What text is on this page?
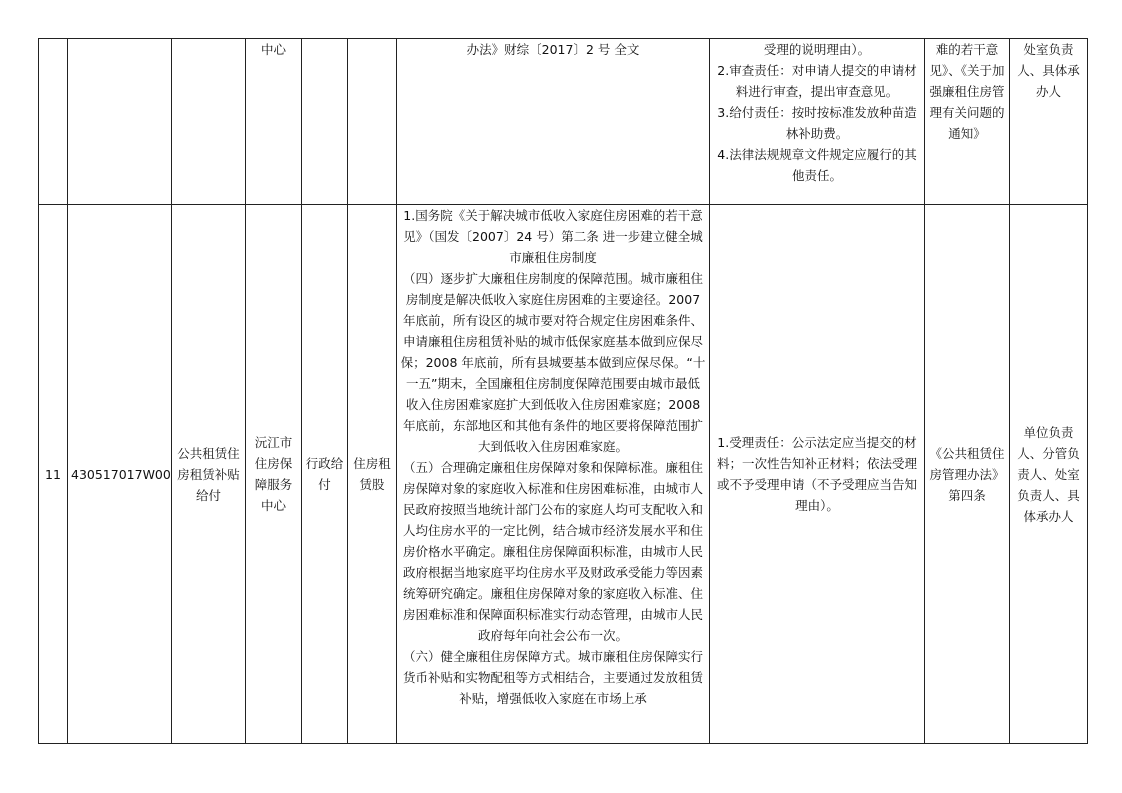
			中心			办法》财综〔2017〕2 号 全文	受理的说明理由）。
2.审查责任：对申请人提交的申请材料进行审查，提出审查意见。
3.给付责任：按时按标准发放种苗造林补助费。
4.法律法规规章文件规定应履行的其他责任。	难的若干意见》、《关于加强廉租住房管理有关问题的通知》	处室负责人、具体承办人
11	430517017W00	公共租赁住房租赁补贴给付	沅江市住房保障服务中心	行政给付	住房租赁股	1.国务院《关于解决城市低收入家庭住房困难的若干意见》（国发〔2007〕24 号）第二条 进一步建立健全城市廉租住房制度
（四）逐步扩大廉租住房制度的保障范围。城市廉租住房制度是解决低收入家庭住房困难的主要途径。2007 年底前，所有设区的城市要对符合规定住房困难条件、申请廉租住房租赁补贴的城市低保家庭基本做到应保尽保；2008 年底前，所有县城要基本做到应保尽保。“十一五”期末，全国廉租住房制度保障范围要由城市最低收入住房困难家庭扩大到低收入住房困难家庭；2008 年底前，东部地区和其他有条件的地区要将保障范围扩大到低收入住房困难家庭。
（五）合理确定廉租住房保障对象和保障标准。廉租住房保障对象的家庭收入标准和住房困难标准，由城市人民政府按照当地统计部门公布的家庭人均可支配收入和人均住房水平的一定比例，结合城市经济发展水平和住房价格水平确定。廉租住房保障面积标准，由城市人民政府根据当地家庭平均住房水平及财政承受能力等因素统筹研究确定。廉租住房保障对象的家庭收入标准、住房困难标准和保障面积标准实行动态管理，由城市人民政府每年向社会公布一次。
（六）健全廉租住房保障方式。城市廉租住房保障实行货币补贴和实物配租等方式相结合，主要通过发放租赁补贴，增强低收入家庭在市场上承	1.受理责任：公示法定应当提交的材料；一次性告知补正材料；依法受理或不予受理申请（不予受理应当告知理由）。	《公共租赁住房管理办法》第四条	单位负责人、分管负责人、处室负责人、具体承办人
